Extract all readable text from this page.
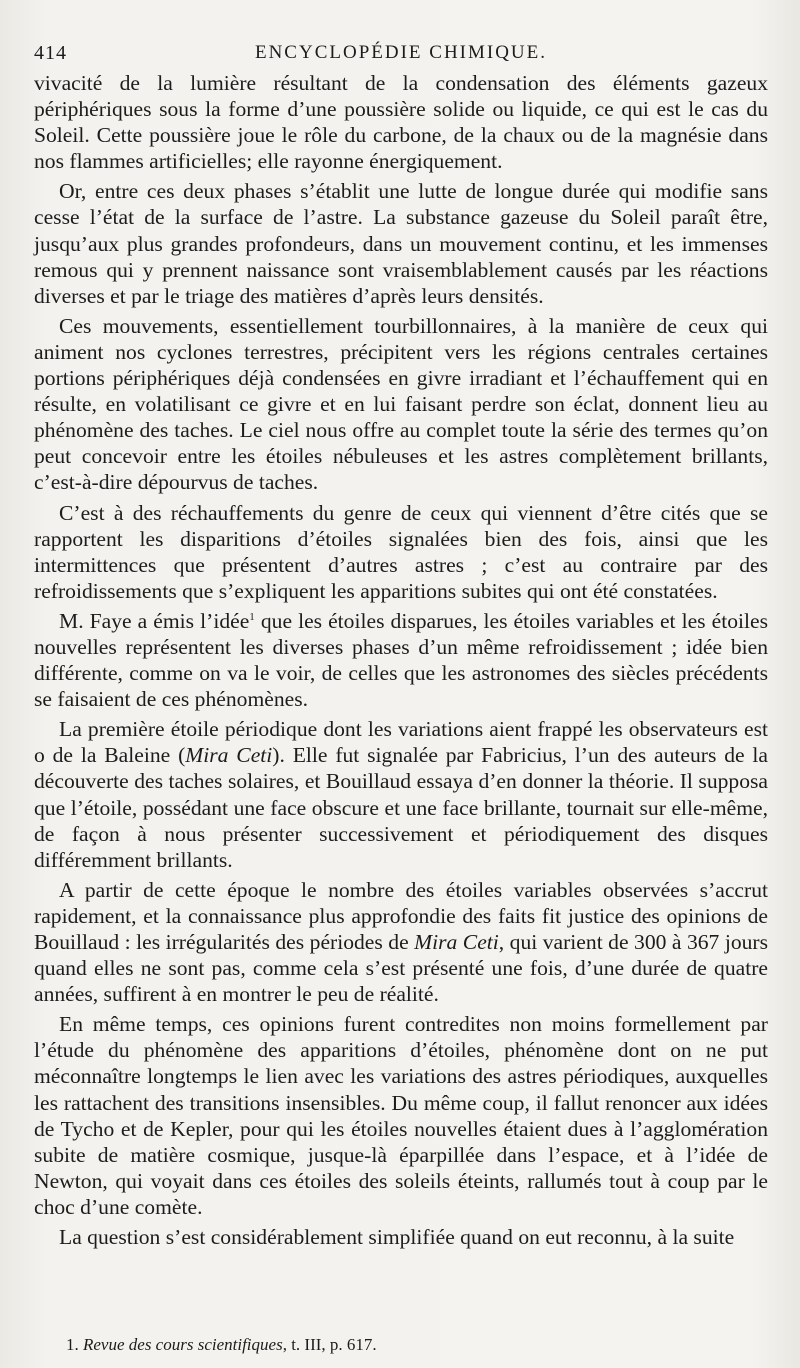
414	ENCYCLOPÉDIE CHIMIQUE.

vivacité de la lumière résultant de la condensation des éléments gazeux périphériques sous la forme d’une poussière solide ou liquide, ce qui est le cas du Soleil. Cette poussière joue le rôle du carbone, de la chaux ou de la magnésie dans nos flammes artificielles; elle rayonne énergiquement.

Or, entre ces deux phases s’établit une lutte de longue durée qui modifie sans cesse l’état de la surface de l’astre. La substance gazeuse du Soleil paraît être, jusqu’aux plus grandes profondeurs, dans un mouvement continu, et les immenses remous qui y prennent naissance sont vraisemblablement causés par les réactions diverses et par le triage des matières d’après leurs densités.

Ces mouvements, essentiellement tourbillonnaires, à la manière de ceux qui animent nos cyclones terrestres, précipitent vers les régions centrales certaines portions périphériques déjà condensées en givre irradiant et l’échauffement qui en résulte, en volatilisant ce givre et en lui faisant perdre son éclat, donnent lieu au phénomène des taches. Le ciel nous offre au complet toute la série des termes qu’on peut concevoir entre les étoiles nébuleuses et les astres complètement brillants, c’est-à-dire dépourvus de taches.

C’est à des réchauffements du genre de ceux qui viennent d’être cités que se rapportent les disparitions d’étoiles signalées bien des fois, ainsi que les intermittences que présentent d’autres astres ; c’est au contraire par des refroidissements que s’expliquent les apparitions subites qui ont été constatées.

M. Faye a émis l’idée$^1$ que les étoiles disparues, les étoiles variables et les étoiles nouvelles représentent les diverses phases d’un même refroidissement ; idée bien différente, comme on va le voir, de celles que les astronomes des siècles précédents se faisaient de ces phénomènes.

La première étoile périodique dont les variations aient frappé les observateurs est o de la Baleine (Mira Ceti). Elle fut signalée par Fabricius, l’un des auteurs de la découverte des taches solaires, et Bouillaud essaya d’en donner la théorie. Il supposa que l’étoile, possédant une face obscure et une face brillante, tournait sur elle-même, de façon à nous présenter successivement et périodiquement des disques différemment brillants.

A partir de cette époque le nombre des étoiles variables observées s’accrut rapidement, et la connaissance plus approfondie des faits fit justice des opinions de Bouillaud : les irrégularités des périodes de Mira Ceti, qui varient de 300 à 367 jours quand elles ne sont pas, comme cela s’est présenté une fois, d’une durée de quatre années, suffirent à en montrer le peu de réalité.

En même temps, ces opinions furent contredites non moins formellement par l’étude du phénomène des apparitions d’étoiles, phénomène dont on ne put méconnaître longtemps le lien avec les variations des astres périodiques, auxquelles les rattachent des transitions insensibles. Du même coup, il fallut renoncer aux idées de Tycho et de Kepler, pour qui les étoiles nouvelles étaient dues à l’agglomération subite de matière cosmique, jusque-là éparpillée dans l’espace, et à l’idée de Newton, qui voyait dans ces étoiles des soleils éteints, rallumés tout à coup par le choc d’une comète.

La question s’est considérablement simplifiée quand on eut reconnu, à la suite

1. Revue des cours scientifiques, t. III, p. 617.
